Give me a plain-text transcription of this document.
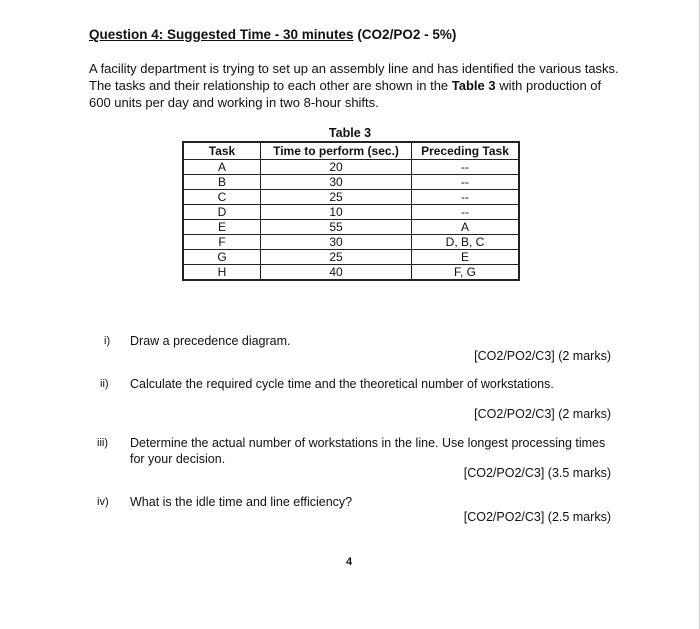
Question 4: Suggested Time - 30 minutes (CO2/PO2 - 5%)
A facility department is trying to set up an assembly line and has identified the various tasks. The tasks and their relationship to each other are shown in the Table 3 with production of 600 units per day and working in two 8-hour shifts.
Table 3
Task	Time to perform (sec.)	Preceding Task
A	20	--
B	30	--
C	25	--
D	10	--
E	55	A
F	30	D, B, C
G	25	E
H	40	F, G
i) Draw a precedence diagram.
[CO2/PO2/C3] (2 marks)
ii) Calculate the required cycle time and the theoretical number of workstations.
[CO2/PO2/C3] (2 marks)
iii) Determine the actual number of workstations in the line. Use longest processing times for your decision.
[CO2/PO2/C3] (3.5 marks)
iv) What is the idle time and line efficiency?
[CO2/PO2/C3] (2.5 marks)
4
